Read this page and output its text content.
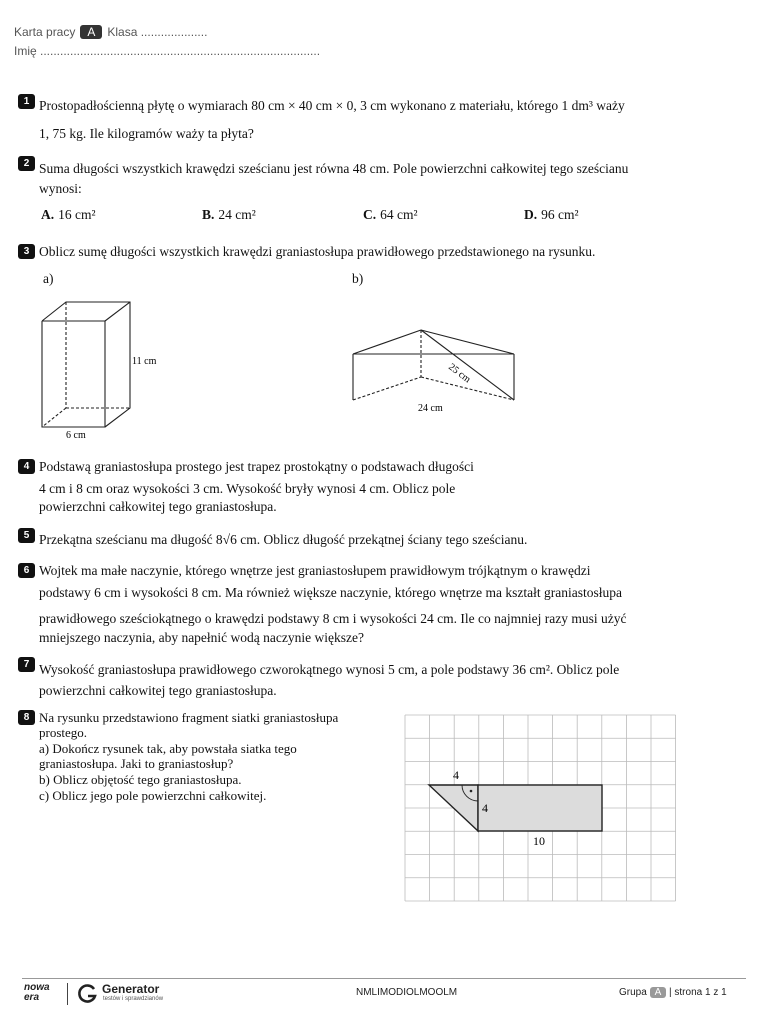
Karta pracy A Klasa ....................
Imię ....................................................................................
1 Prostopadłościenną płytę o wymiarach 80 cm × 40 cm × 0, 3 cm wykonano z materiału, którego 1 dm³ waży
1, 75 kg. Ile kilogramów waży ta płyta?
2 Suma długości wszystkich krawędzi sześcianu jest równa 48 cm. Pole powierzchni całkowitej tego sześcianu
wynosi:
A. 16 cm²	B. 24 cm²	C. 64 cm²	D. 96 cm²
3 Oblicz sumę długości wszystkich krawędzi graniastosłupa prawidłowego przedstawionego na rysunku.
a)	b)
11 cm
6 cm
25 cm
24 cm
4 Podstawą graniastosłupa prostego jest trapez prostokątny o podstawach długości
4 cm i 8 cm oraz wysokości 3 cm. Wysokość bryły wynosi 4 cm. Oblicz pole
powierzchni całkowitej tego graniastosłupa.
5 Przekątna sześcianu ma długość 8√6 cm. Oblicz długość przekątnej ściany tego sześcianu.
6 Wojtek ma małe naczynie, którego wnętrze jest graniastosłupem prawidłowym trójkątnym o krawędzi
podstawy 6 cm i wysokości 8 cm. Ma również większe naczynie, którego wnętrze ma kształt graniastosłupa
prawidłowego sześciokątnego o krawędzi podstawy 8 cm i wysokości 24 cm. Ile co najmniej razy musi użyć
mniejszego naczynia, aby napełnić wodą naczynie większe?
7 Wysokość graniastosłupa prawidłowego czworokątnego wynosi 5 cm, a pole podstawy 36 cm². Oblicz pole
powierzchni całkowitej tego graniastosłupa.
8 Na rysunku przedstawiono fragment siatki graniastosłupa
prostego.
a) Dokończ rysunek tak, aby powstała siatka tego
graniastosłupa. Jaki to graniastosłup?
b) Oblicz objętość tego graniastosłupa.
c) Oblicz jego pole powierzchni całkowitej.
4
4
10
nowa era
Generator
testów i sprawdzianów
NMLIMODIOLMOOLM	Grupa A | strona 1 z 1
